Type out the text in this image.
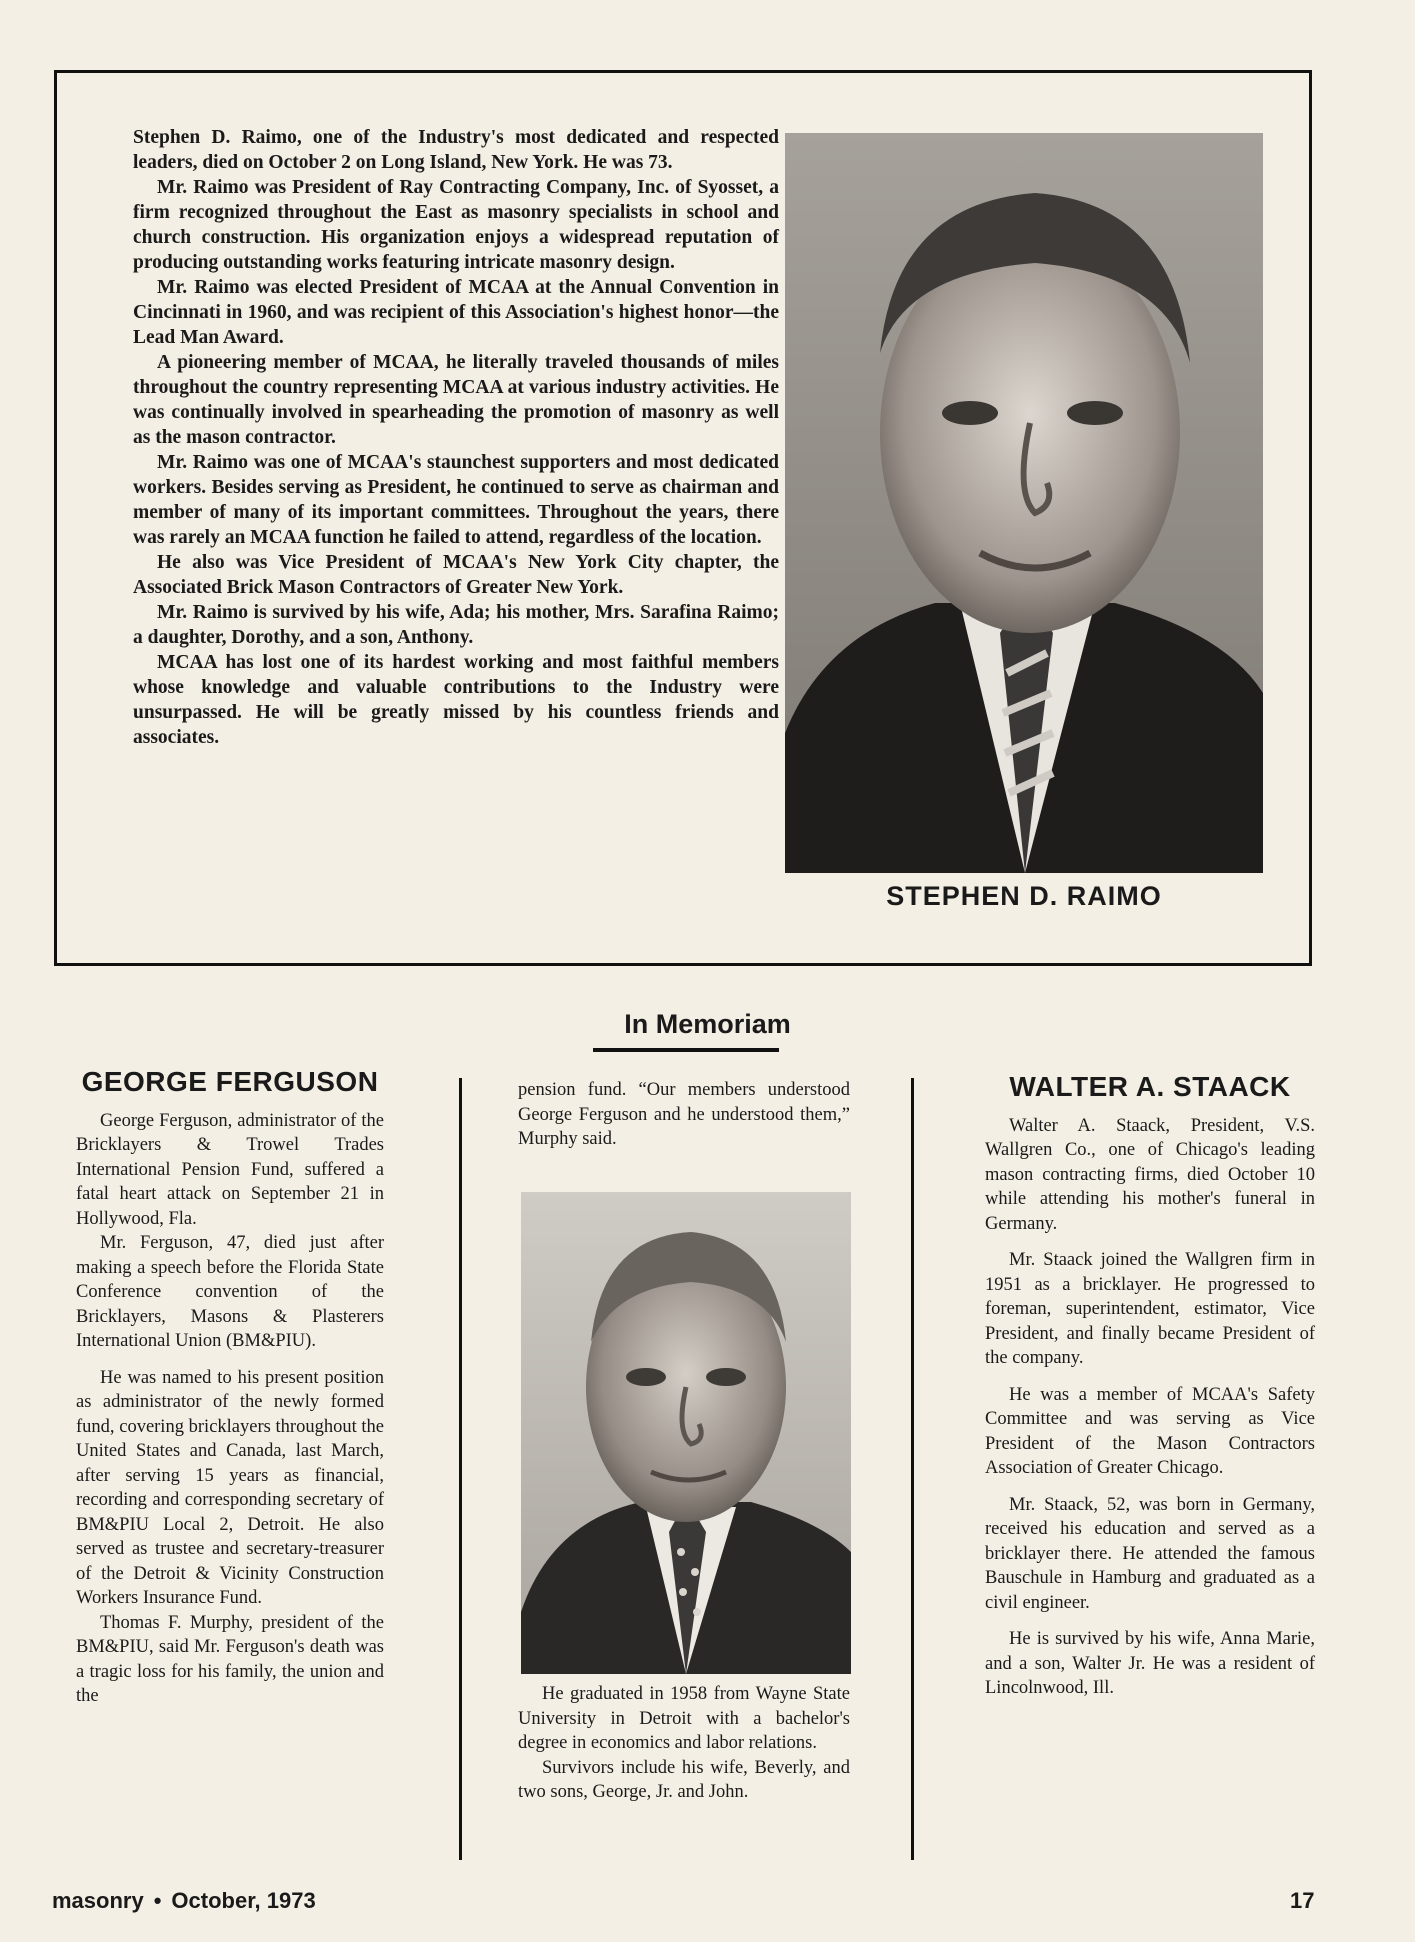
Stephen D. Raimo, one of the Industry's most dedicated and respected leaders, died on October 2 on Long Island, New York. He was 73.

Mr. Raimo was President of Ray Contracting Company, Inc. of Syosset, a firm recognized throughout the East as masonry specialists in school and church construction. His organization enjoys a widespread reputation of producing outstanding works featuring intricate masonry design.

Mr. Raimo was elected President of MCAA at the Annual Convention in Cincinnati in 1960, and was recipient of this Association's highest honor—the Lead Man Award.

A pioneering member of MCAA, he literally traveled thousands of miles throughout the country representing MCAA at various industry activities. He was continually involved in spearheading the promotion of masonry as well as the mason contractor.

Mr. Raimo was one of MCAA's staunchest supporters and most dedicated workers. Besides serving as President, he continued to serve as chairman and member of many of its important committees. Throughout the years, there was rarely an MCAA function he failed to attend, regardless of the location.

He also was Vice President of MCAA's New York City chapter, the Associated Brick Mason Contractors of Greater New York.

Mr. Raimo is survived by his wife, Ada; his mother, Mrs. Sarafina Raimo; a daughter, Dorothy, and a son, Anthony.

MCAA has lost one of its hardest working and most faithful members whose knowledge and valuable contributions to the Industry were unsurpassed. He will be greatly missed by his countless friends and associates.

STEPHEN D. RAIMO
In Memoriam
GEORGE FERGUSON

George Ferguson, administrator of the Bricklayers & Trowel Trades International Pension Fund, suffered a fatal heart attack on September 21 in Hollywood, Fla.

Mr. Ferguson, 47, died just after making a speech before the Florida State Conference convention of the Bricklayers, Masons & Plasterers International Union (BM&PIU).

He was named to his present position as administrator of the newly formed fund, covering bricklayers throughout the United States and Canada, last March, after serving 15 years as financial, recording and corresponding secretary of BM&PIU Local 2, Detroit. He also served as trustee and secretary-treasurer of the Detroit & Vicinity Construction Workers Insurance Fund.

Thomas F. Murphy, president of the BM&PIU, said Mr. Ferguson's death was a tragic loss for his family, the union and the

pension fund. “Our members understood George Ferguson and he understood them,” Murphy said.

He graduated in 1958 from Wayne State University in Detroit with a bachelor's degree in economics and labor relations.

Survivors include his wife, Beverly, and two sons, George, Jr. and John.

WALTER A. STAACK

Walter A. Staack, President, V.S. Wallgren Co., one of Chicago's leading mason contracting firms, died October 10 while attending his mother's funeral in Germany.

Mr. Staack joined the Wallgren firm in 1951 as a bricklayer. He progressed to foreman, superintendent, estimator, Vice President, and finally became President of the company.

He was a member of MCAA's Safety Committee and was serving as Vice President of the Mason Contractors Association of Greater Chicago.

Mr. Staack, 52, was born in Germany, received his education and served as a bricklayer there. He attended the famous Bauschule in Hamburg and graduated as a civil engineer.

He is survived by his wife, Anna Marie, and a son, Walter Jr. He was a resident of Lincolnwood, Ill.

masonry • October, 1973	17
